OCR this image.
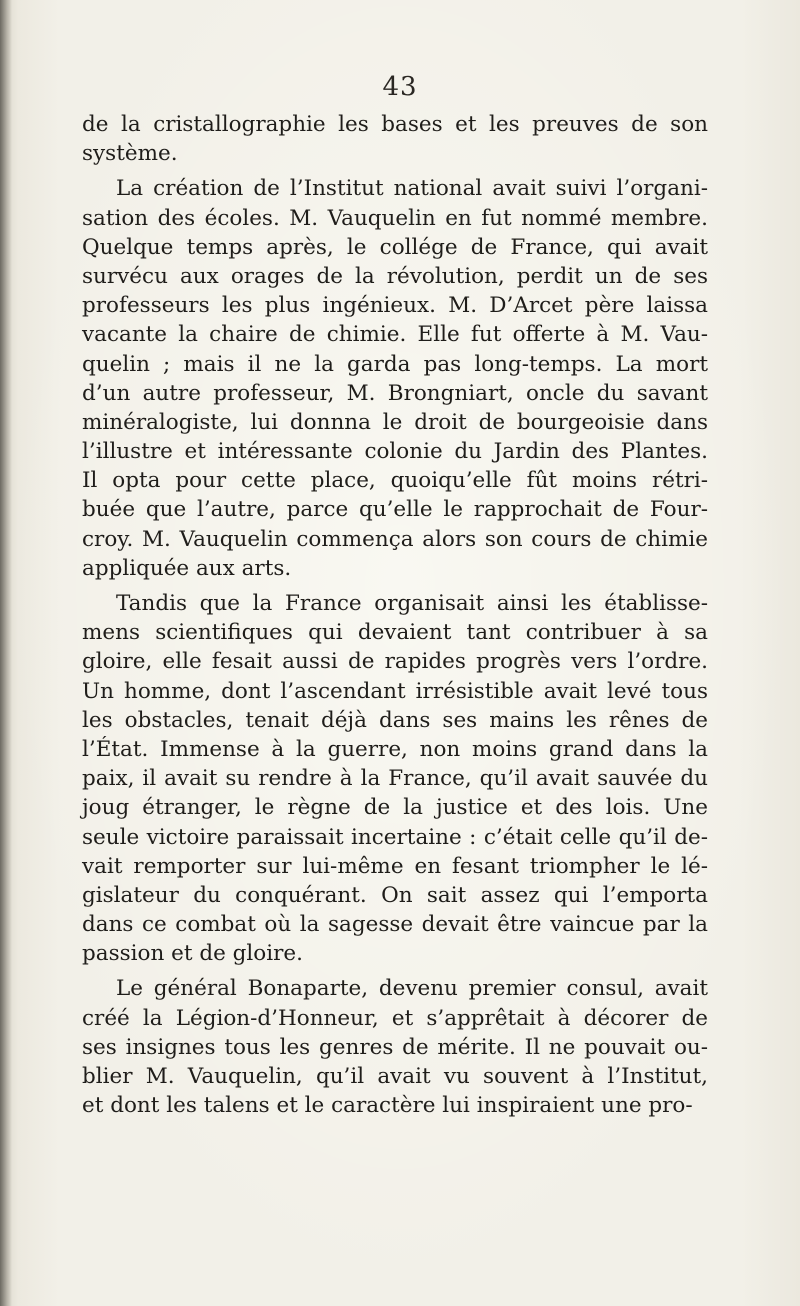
43
de la cristallographie les bases et les preuves de son
système.
La création de l’Institut national avait suivi l’organi-
sation des écoles. M. Vauquelin en fut nommé membre.
Quelque temps après, le collége de France, qui avait
survécu aux orages de la révolution, perdit un de ses
professeurs les plus ingénieux. M. D’Arcet père laissa
vacante la chaire de chimie. Elle fut offerte à M. Vau-
quelin ; mais il ne la garda pas long-temps. La mort
d’un autre professeur, M. Brongniart, oncle du savant
minéralogiste, lui donnna le droit de bourgeoisie dans
l’illustre et intéressante colonie du Jardin des Plantes.
Il opta pour cette place, quoiqu’elle fût moins rétri-
buée que l’autre, parce qu’elle le rapprochait de Four-
croy. M. Vauquelin commença alors son cours de chimie
appliquée aux arts.
Tandis que la France organisait ainsi les établisse-
mens scientifiques qui devaient tant contribuer à sa
gloire, elle fesait aussi de rapides progrès vers l’ordre.
Un homme, dont l’ascendant irrésistible avait levé tous
les obstacles, tenait déjà dans ses mains les rênes de
l’État. Immense à la guerre, non moins grand dans la
paix, il avait su rendre à la France, qu’il avait sauvée du
joug étranger, le règne de la justice et des lois. Une
seule victoire paraissait incertaine : c’était celle qu’il de-
vait remporter sur lui-même en fesant triompher le lé-
gislateur du conquérant. On sait assez qui l’emporta
dans ce combat où la sagesse devait être vaincue par la
passion et de gloire.
Le général Bonaparte, devenu premier consul, avait
créé la Légion-d’Honneur, et s’apprêtait à décorer de
ses insignes tous les genres de mérite. Il ne pouvait ou-
blier M. Vauquelin, qu’il avait vu souvent à l’Institut,
et dont les talens et le caractère lui inspiraient une pro-
